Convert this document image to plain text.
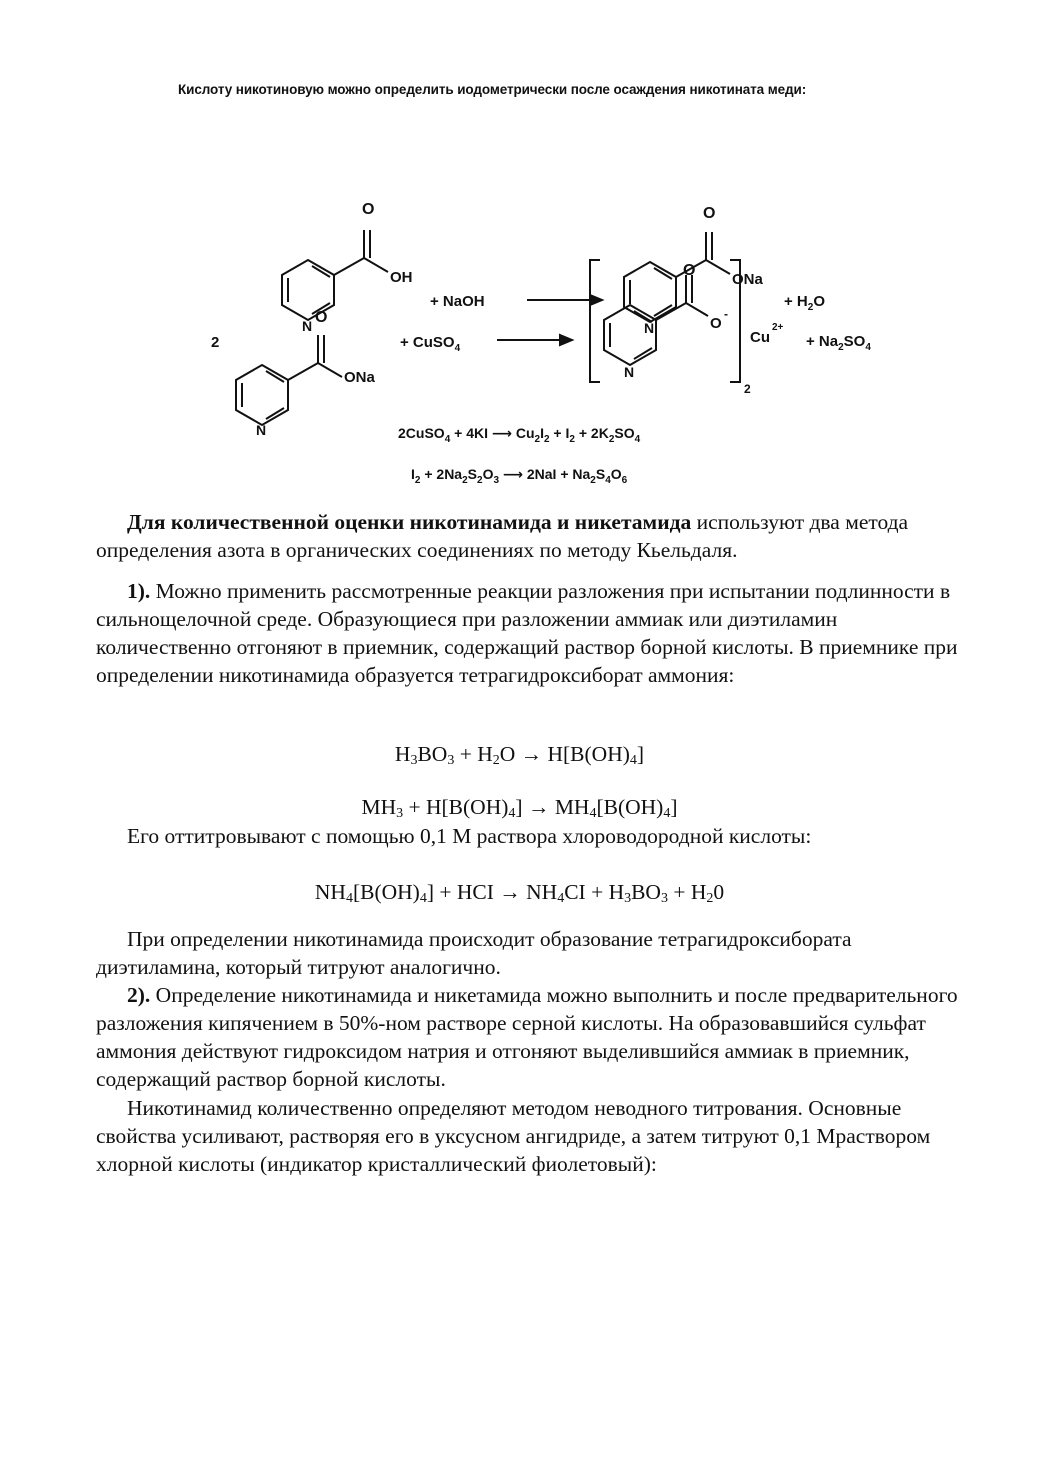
Кислоту никотиновую можно определить иодометрически после осаждения никотината меди:
O
OH
N
+ NaOH
O
ONa
N
+ $H_2O$
O
ONa
2
N
+ CuSO$_4$
O
O
-
N
2
Cu
2+
+ $Na_2SO_4$
2CuSO$_4$ + 4KI ⟶ $Cu_2I_2 + I_2 + 2K_2SO_4$
$I_2 + 2Na_2S_2O_3$ ⟶ $2NaI + Na_2S_4O_6$

Для количественной оценки никотинамида и никетамида используют два метода определения азота в органических соединениях по методу Кьельдаля.

1). Можно применить рассмотренные реакции разложения при испытании подлинности в сильнощелочной среде. Образующиеся при разложении аммиак или диэтиламин количественно отгоняют в приемник, содержащий раствор борной кислоты. В приемнике при определении никотинамида образуется тетрагидроксиборат аммония:

$H_3BO_3 + H_2O \to H[B(OH)_4]$
$MH_3 + H[B(OH)_4] \to MH_4[B(OH)_4]$

Его оттитровывают с помощью 0,1 М раствора хлороводородной кислоты:

$NH_4[B(OH)_4]$ + HCI → $NH_4CI + H_3BO_3 + H_20$

При определении никотинамида происходит образование тетрагидроксибората диэтиламина, который титруют аналогично.

2). Определение никотинамида и никетамида можно выполнить и после предварительного разложения кипячением в 50%-ном растворе серной кислоты. На образовавшийся сульфат аммония действуют гидроксидом натрия и отгоняют выделившийся аммиак в приемник, содержащий раствор борной кислоты.

Никотинамид количественно определяют методом неводного титрования. Основные свойства усиливают, растворяя его в уксусном ангидриде, а затем титруют 0,1 Мраствором хлорной кислоты (индикатор кристаллический фиолетовый):
